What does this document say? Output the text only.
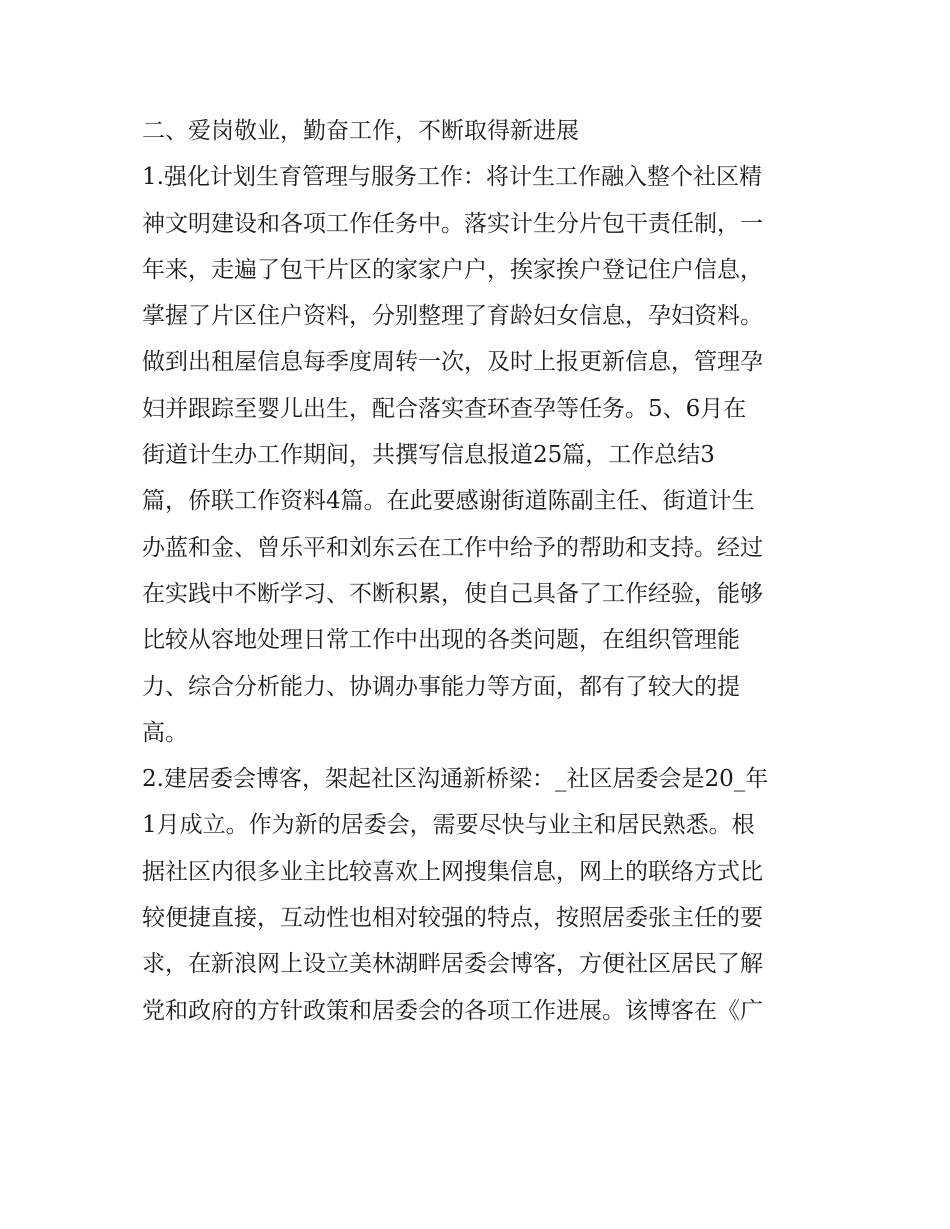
二、爱岗敬业，勤奋工作，不断取得新进展
1.强化计划生育管理与服务工作：将计生工作融入整个社区精
神文明建设和各项工作任务中。落实计生分片包干责任制，一
年来，走遍了包干片区的家家户户，挨家挨户登记住户信息，
掌握了片区住户资料，分别整理了育龄妇女信息，孕妇资料。
做到出租屋信息每季度周转一次，及时上报更新信息，管理孕
妇并跟踪至婴儿出生，配合落实查环查孕等任务。5、6月在
街道计生办工作期间，共撰写信息报道25篇，工作总结3
篇，侨联工作资料4篇。在此要感谢街道陈副主任、街道计生
办蓝和金、曾乐平和刘东云在工作中给予的帮助和支持。经过
在实践中不断学习、不断积累，使自己具备了工作经验，能够
比较从容地处理日常工作中出现的各类问题，在组织管理能
力、综合分析能力、协调办事能力等方面，都有了较大的提
高。
2.建居委会博客，架起社区沟通新桥梁：_社区居委会是20_年
1月成立。作为新的居委会，需要尽快与业主和居民熟悉。根
据社区内很多业主比较喜欢上网搜集信息，网上的联络方式比
较便捷直接，互动性也相对较强的特点，按照居委张主任的要
求，在新浪网上设立美林湖畔居委会博客，方便社区居民了解
党和政府的方针政策和居委会的各项工作进展。该博客在《广
